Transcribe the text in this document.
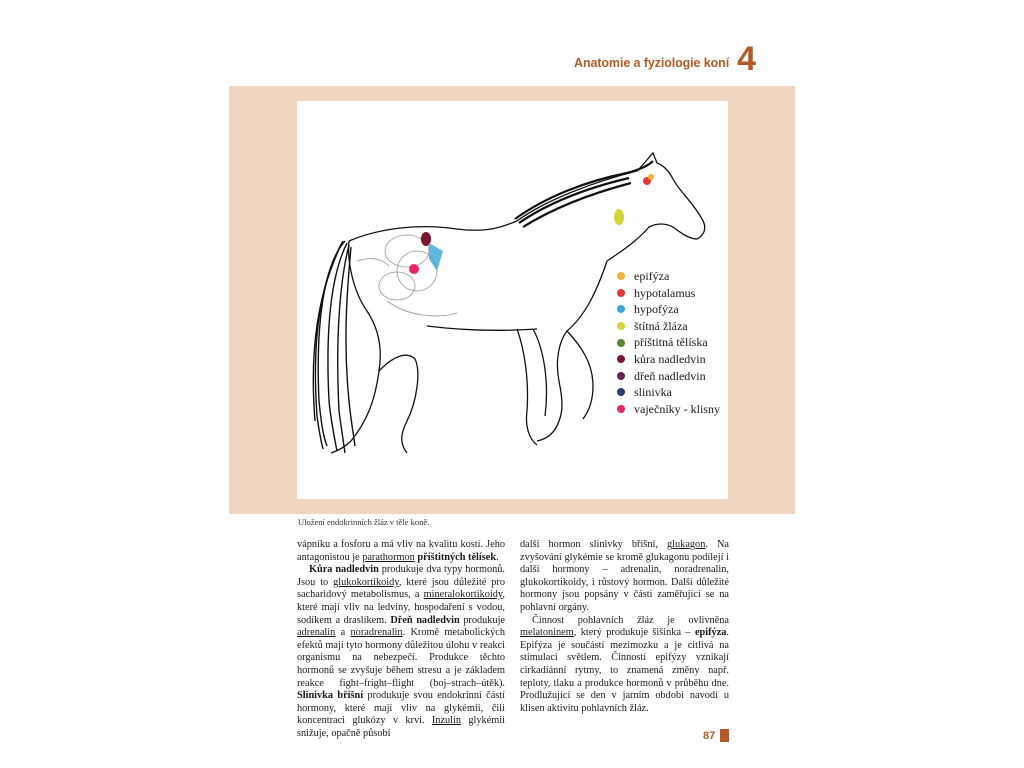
Anatomie a fyziologie koní 4
epifýza
hypotalamus
hypofýza
štítná žláza
příštitná tělíska
kůra nadledvin
dřeň nadledvin
slinivka
vaječníky - klisny
Uložení endokrinních žláz v těle koně.

vápníku a fosforu a má vliv na kvalitu kostí. Jeho antagonistou je parathormon příštitných tělísek.

Kůra nadledvin produkuje dva typy hormonů. Jsou to glukokortikoidy, které jsou důležité pro sacharidový metabolismus, a mineralokortikoidy, které mají vliv na ledviny, hospodaření s vodou, sodíkem a draslíkem. Dřeň nadledvin produkuje adrenalin a noradrenalin. Kromě metabolických efektů mají tyto hormony důležitou úlohu v reakci organismu na nebezpečí. Produkce těchto hormonů se zvyšuje během stresu a je základem reakce fight–fright–flight (boj–strach–útěk). Slinivka břišní produkuje svou endokrinní částí hormony, které mají vliv na glykémii, čili koncentraci glukózy v krvi. Inzulin glykémii snižuje, opačně působí

další hormon slinivky břišní, glukagon. Na zvyšování glykémie se kromě glukagonu podílejí i další hormony – adrenalin, noradrenalin, glukokortikoidy, i růstový hormon. Další důležité hormony jsou popsány v části zaměřující se na pohlavní orgány.

Činnost pohlavních žláz je ovlivněna melatoninem, který produkuje šišinka – epifýza. Epifýza je součástí mezimozku a je citlivá na stimulaci světlem. Činností epifýzy vznikají cirkadiánní rytmy, to znamená změny např. teploty, tlaku a produkce hormonů v průběhu dne. Prodlužující se den v jarním období navodí u klisen aktivitu pohlavních žláz.

87
